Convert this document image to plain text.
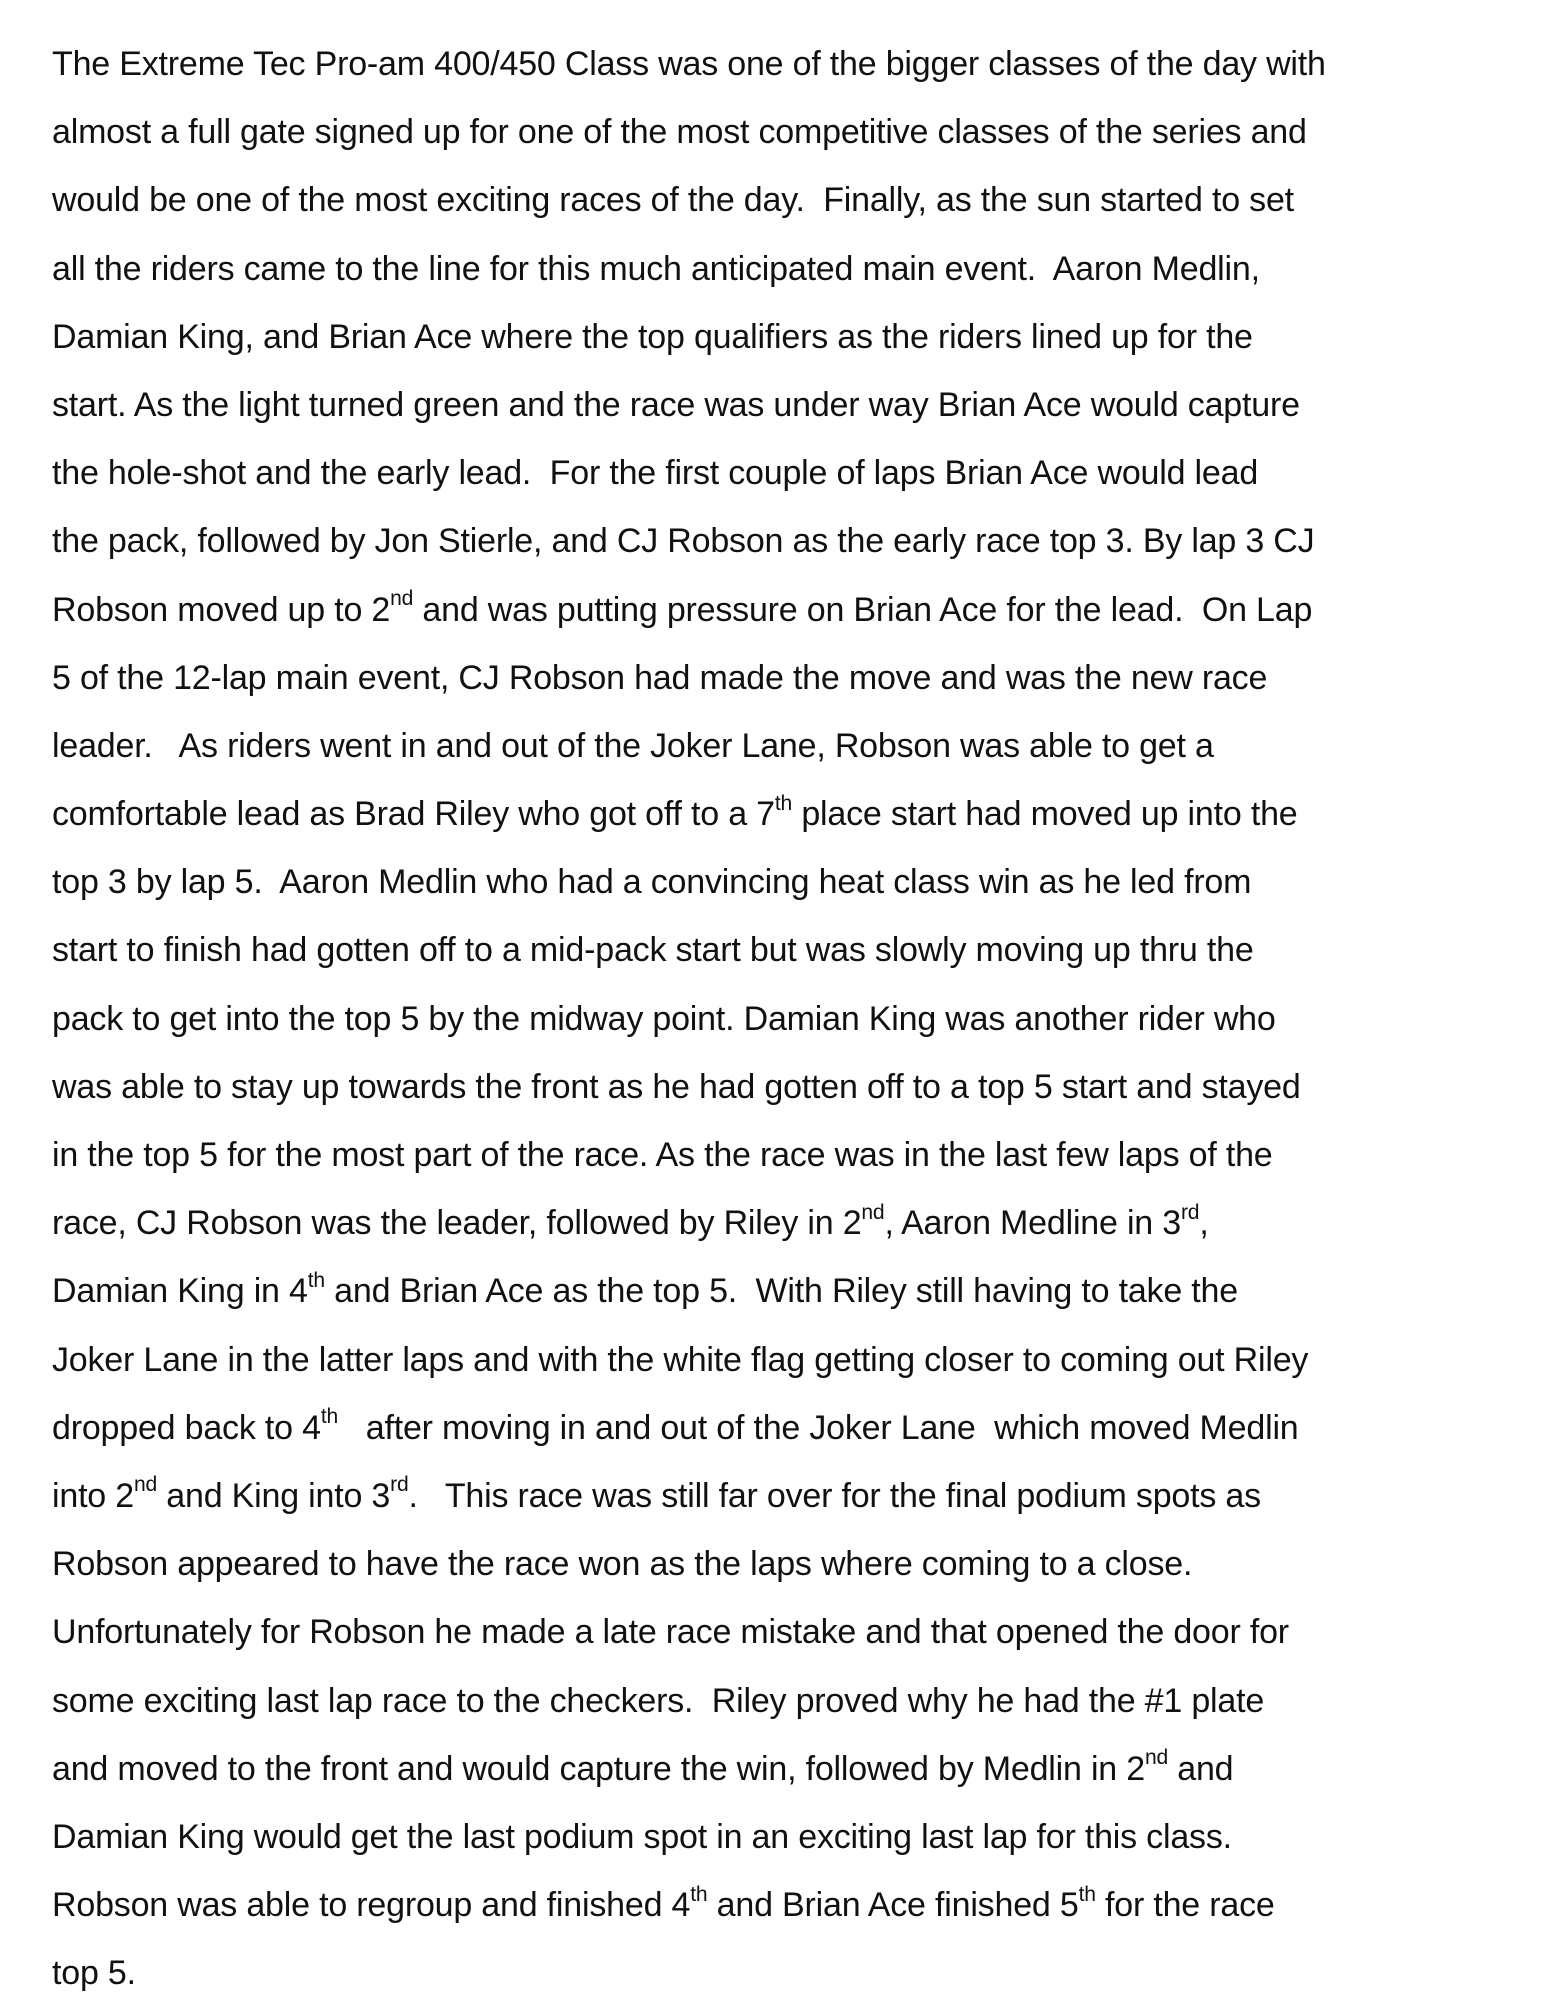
The Extreme Tec Pro-am 400/450 Class was one of the bigger classes of the day with
almost a full gate signed up for one of the most competitive classes of the series and
would be one of the most exciting races of the day.  Finally, as the sun started to set
all the riders came to the line for this much anticipated main event.  Aaron Medlin,
Damian King, and Brian Ace where the top qualifiers as the riders lined up for the
start. As the light turned green and the race was under way Brian Ace would capture
the hole-shot and the early lead.  For the first couple of laps Brian Ace would lead
the pack, followed by Jon Stierle, and CJ Robson as the early race top 3. By lap 3 CJ
Robson moved up to 2nd and was putting pressure on Brian Ace for the lead.  On Lap
5 of the 12-lap main event, CJ Robson had made the move and was the new race
leader.   As riders went in and out of the Joker Lane, Robson was able to get a
comfortable lead as Brad Riley who got off to a 7th place start had moved up into the
top 3 by lap 5.  Aaron Medlin who had a convincing heat class win as he led from
start to finish had gotten off to a mid-pack start but was slowly moving up thru the
pack to get into the top 5 by the midway point. Damian King was another rider who
was able to stay up towards the front as he had gotten off to a top 5 start and stayed
in the top 5 for the most part of the race. As the race was in the last few laps of the
race, CJ Robson was the leader, followed by Riley in 2nd, Aaron Medline in 3rd,
Damian King in 4th and Brian Ace as the top 5.  With Riley still having to take the
Joker Lane in the latter laps and with the white flag getting closer to coming out Riley
dropped back to 4th   after moving in and out of the Joker Lane  which moved Medlin
into 2nd and King into 3rd.   This race was still far over for the final podium spots as
Robson appeared to have the race won as the laps where coming to a close.
Unfortunately for Robson he made a late race mistake and that opened the door for
some exciting last lap race to the checkers.  Riley proved why he had the #1 plate
and moved to the front and would capture the win, followed by Medlin in 2nd and
Damian King would get the last podium spot in an exciting last lap for this class.
Robson was able to regroup and finished 4th and Brian Ace finished 5th for the race
top 5.
